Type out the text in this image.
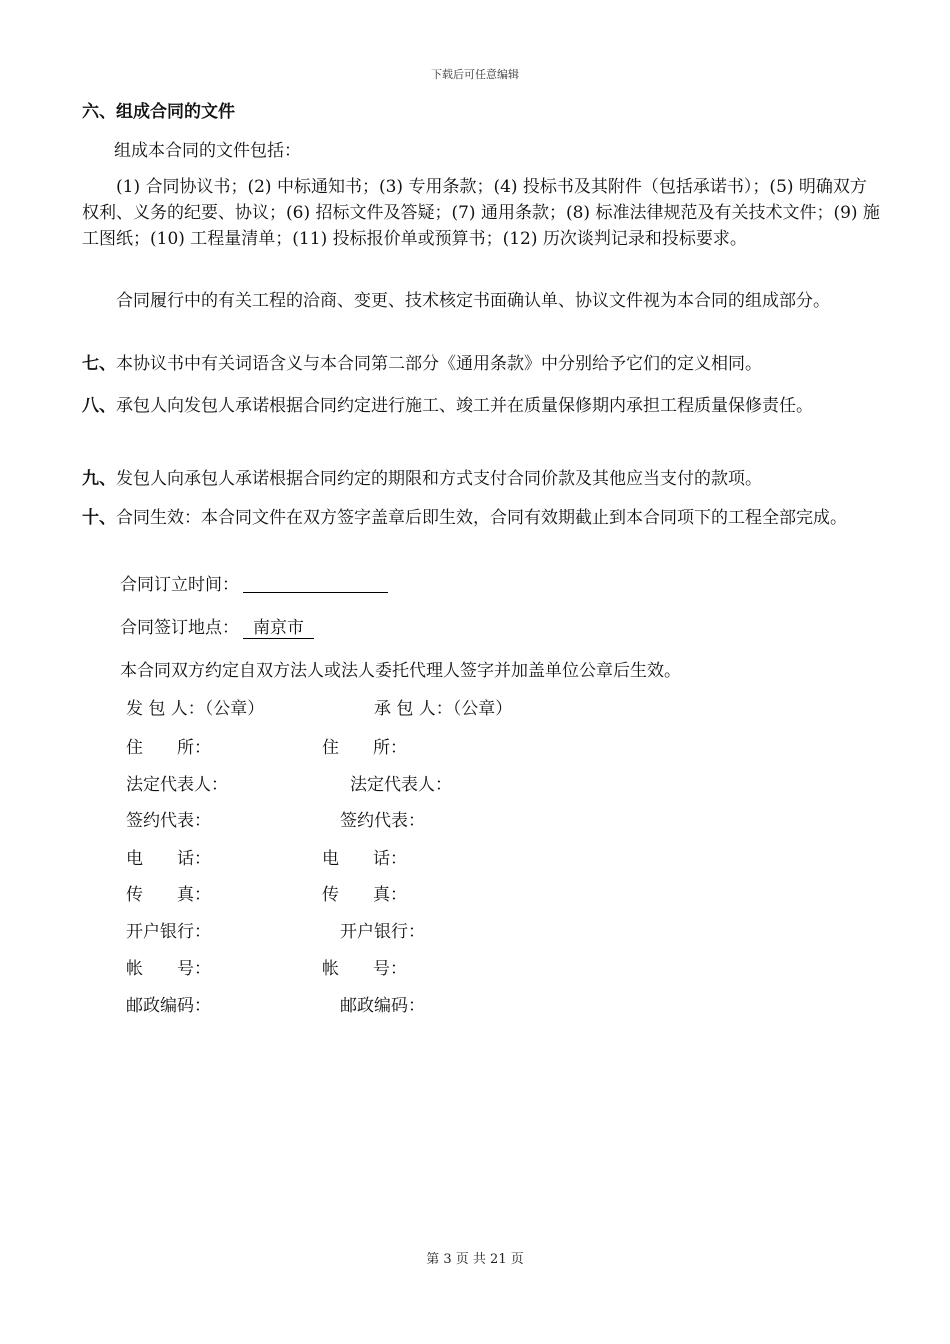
下载后可任意编辑
六、组成合同的文件
组成本合同的文件包括：
(1) 合同协议书；(2) 中标通知书；(3) 专用条款；(4) 投标书及其附件（包括承诺书）；(5) 明确双方权利、义务的纪要、协议；(6) 招标文件及答疑；(7) 通用条款；(8) 标准法律规范及有关技术文件；(9) 施工图纸；(10) 工程量清单；(11) 投标报价单或预算书；(12) 历次谈判记录和投标要求。
合同履行中的有关工程的洽商、变更、技术核定书面确认单、协议文件视为本合同的组成部分。
七、本协议书中有关词语含义与本合同第二部分《通用条款》中分别给予它们的定义相同。
八、承包人向发包人承诺根据合同约定进行施工、竣工并在质量保修期内承担工程质量保修责任。
九、发包人向承包人承诺根据合同约定的期限和方式支付合同价款及其他应当支付的款项。
十、合同生效：本合同文件在双方签字盖章后即生效，合同有效期截止到本合同项下的工程全部完成。
合同订立时间：
合同签订地点： 南京市
本合同双方约定自双方法人或法人委托代理人签字并加盖单位公章后生效。
发 包 人：（公章）	承 包 人：（公章）
住　　所：	住　　所：
法定代表人：	法定代表人：
签约代表：	签约代表：
电　　话：	电　　话：
传　　真：	传　　真：
开户银行：	开户银行：
帐　　号：	帐　　号：
邮政编码：	邮政编码：
第 3 页 共 21 页
